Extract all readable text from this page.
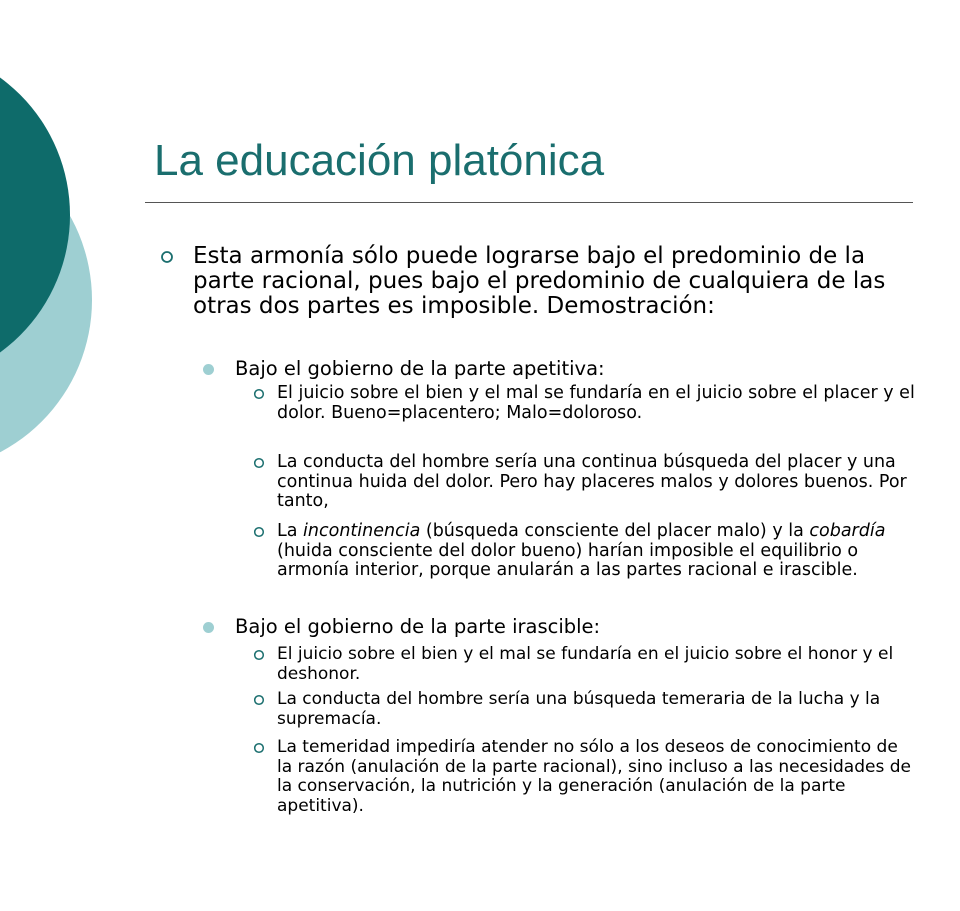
La educación platónica
Esta armonía sólo puede lograrse bajo el predominio de la parte racional, pues bajo el predominio de cualquiera de las otras dos partes es imposible. Demostración:
Bajo el gobierno de la parte apetitiva:
El juicio sobre el bien y el mal se fundaría en el juicio sobre el placer y el dolor. Bueno=placentero; Malo=doloroso.
La conducta del hombre sería una continua búsqueda del placer y una continua huida del dolor. Pero hay placeres malos y dolores buenos. Por tanto,
La incontinencia (búsqueda consciente del placer malo) y la cobardía (huida consciente del dolor bueno) harían imposible el equilibrio o armonía interior, porque anularán a las partes racional e irascible.
Bajo el gobierno de la parte irascible:
El juicio sobre el bien y el mal se fundaría en el juicio sobre el honor y el deshonor.
La conducta del hombre sería una búsqueda temeraria de la lucha y la supremacía.
La temeridad impediría atender no sólo a los deseos de conocimiento de la razón (anulación de la parte racional), sino incluso a las necesidades de la conservación, la nutrición y la generación (anulación de la parte apetitiva).
